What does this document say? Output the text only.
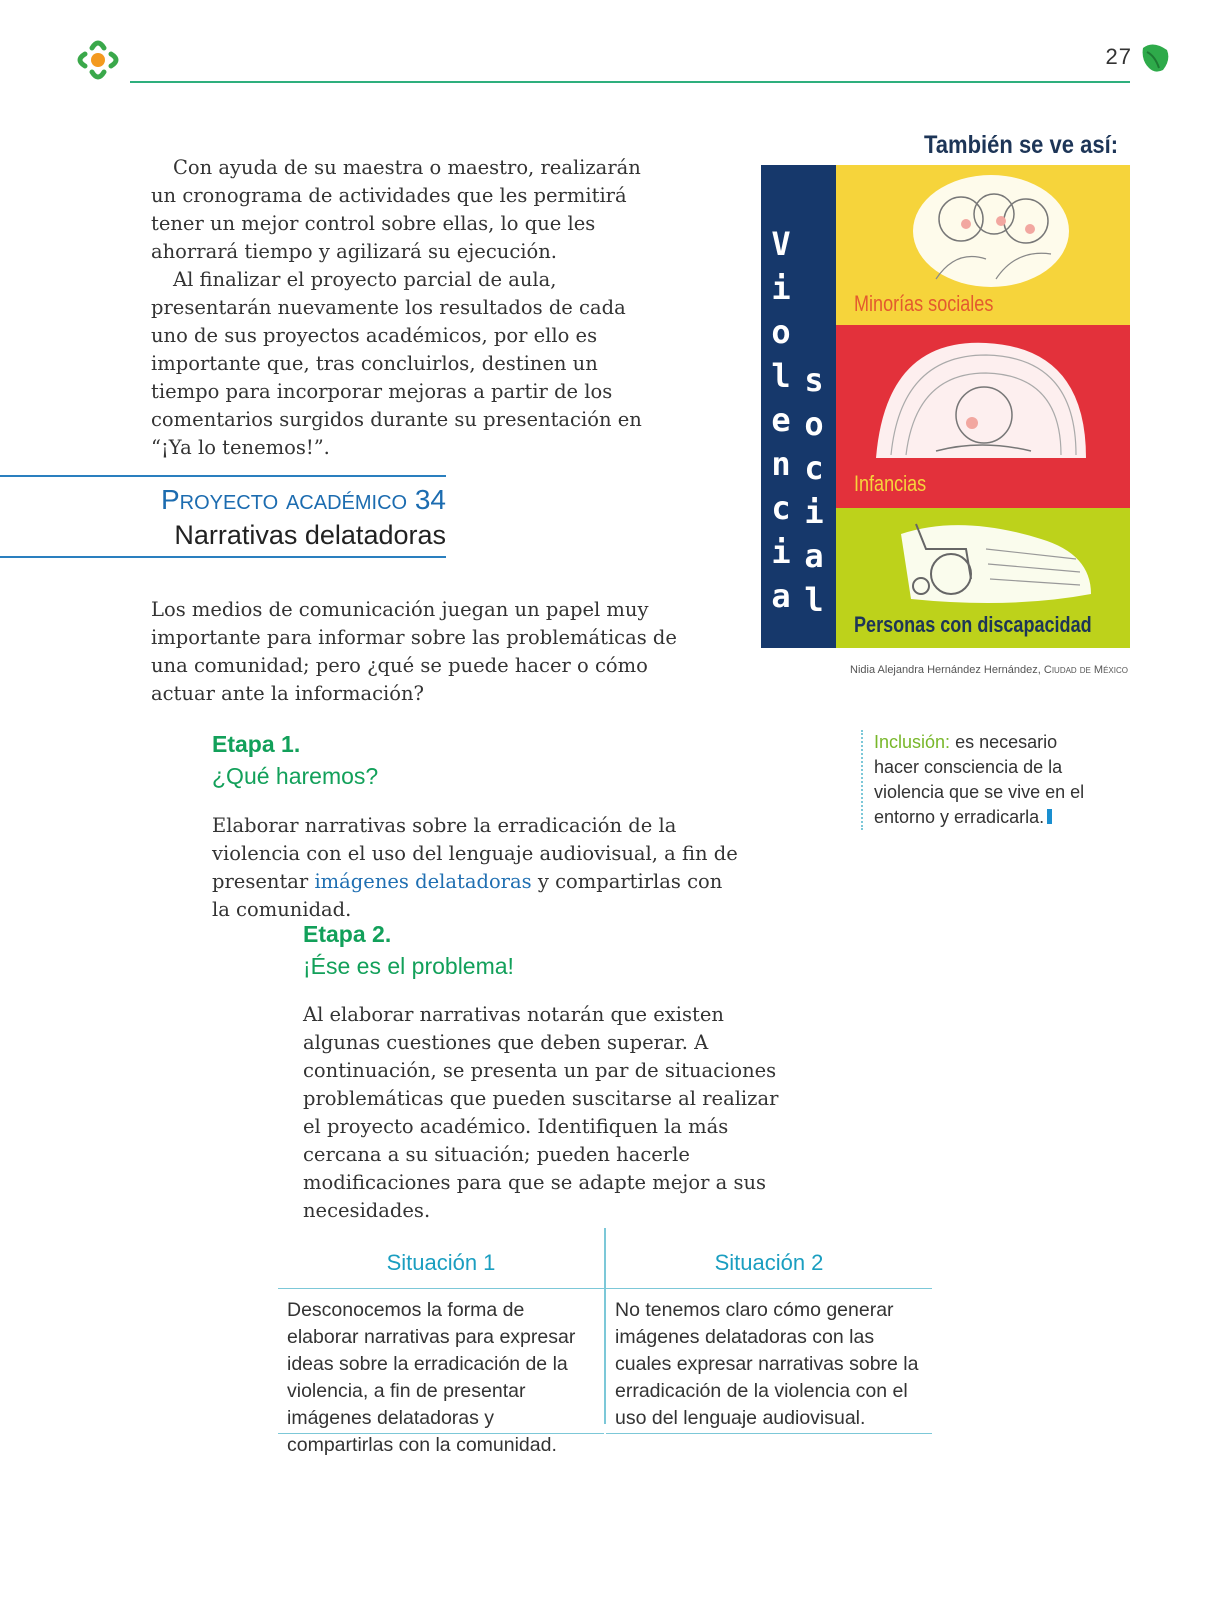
27

Con ayuda de su maestra o maestro, realizarán un cronograma de actividades que les permitirá tener un mejor control sobre ellas, lo que les ahorrará tiempo y agilizará su ejecución.

Al finalizar el proyecto parcial de aula, presentarán nuevamente los resultados de cada uno de sus proyectos académicos, por ello es importante que, tras concluirlos, destinen un tiempo para incorporar mejoras a partir de los comentarios surgidos durante su presentación en “¡Ya lo tenemos!”.

Proyecto académico 34
Narrativas delatadoras
Los medios de comunicación juegan un papel muy importante para informar sobre las problemáticas de una comunidad; pero ¿qué se puede hacer o cómo actuar ante la información?
Etapa 1.
¿Qué haremos?
Elaborar narrativas sobre la erradicación de la violencia con el uso del lenguaje audiovisual, a fin de presentar imágenes delatadoras y compartirlas con la comunidad.
Etapa 2.
¡Ése es el problema!
Al elaborar narrativas notarán que existen algunas cuestiones que deben superar. A continuación, se presenta un par de situaciones problemáticas que pueden suscitarse al realizar el proyecto académico. Identifiquen la más cercana a su situación; pueden hacerle modificaciones para que se adapte mejor a sus necesidades.
Situación 1
Desconocemos la forma de elaborar narrativas para expresar ideas sobre la erradicación de la violencia, a fin de presentar imágenes delatadoras y compartirlas con la comunidad.
Situación 2
No tenemos claro cómo generar imágenes delatadoras con las cuales expresar narrativas sobre la erradicación de la violencia con el uso del lenguaje audiovisual.
También se ve así:
V
i
o
l
e
n
c
i
a
s
o
c
i
a
l
Minorías sociales
Infancias
Personas con discapacidad
Nidia Alejandra Hernández Hernández, Ciudad de México
Inclusión: es necesario hacer consciencia de la violencia que se vive en el entorno y erradicarla.
